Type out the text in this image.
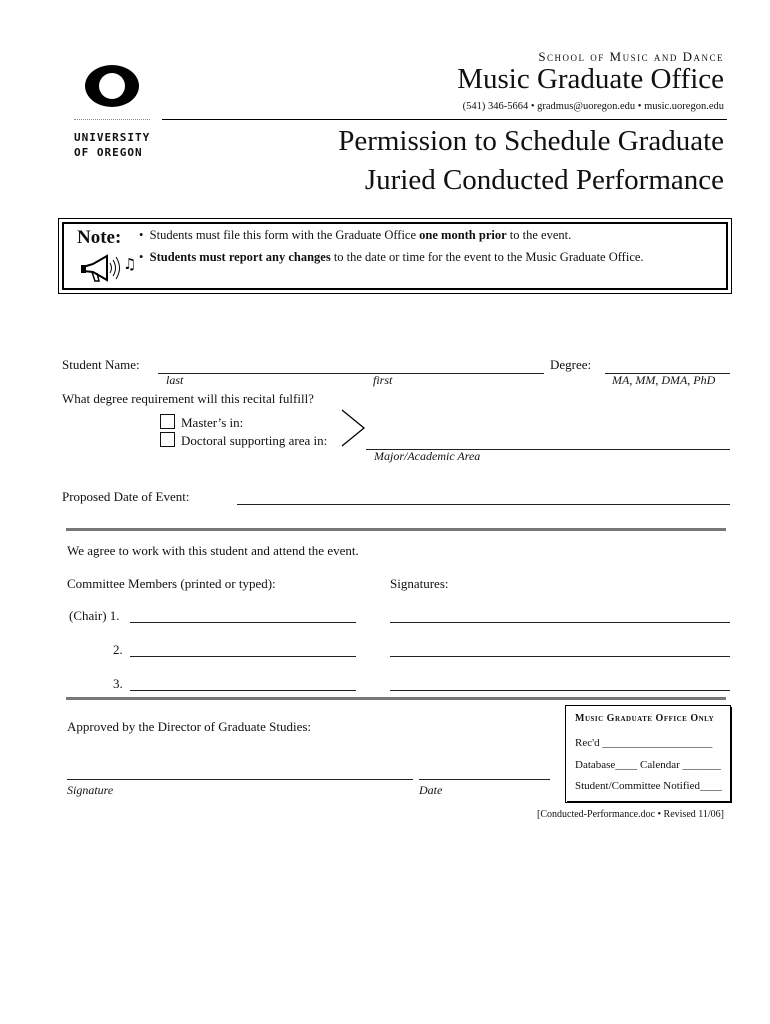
UNIVERSITY
OF OREGON
School of Music and Dance
Music Graduate Office
(541) 346-5664 • gradmus@uoregon.edu • music.uoregon.edu
Permission to Schedule Graduate
Juried Conducted Performance
Note:
♫
•  Students must file this form with the Graduate Office one month prior to the event.
•  Students must report any changes to the date or time for the event to the Music Graduate Office.
Student Name:
last	first
Degree:
MA, MM, DMA, PhD
What degree requirement will this recital fulfill?
Master’s in:
Doctoral supporting area in:
Major/Academic Area
Proposed Date of Event:
We agree to work with this student and attend the event.
Committee Members (printed or typed):	Signatures:
(Chair) 1.
2.
3.
Approved by the Director of Graduate Studies:
Signature	Date
Music Graduate Office Only
Rec'd ____________________
Database____ Calendar _______
Student/Committee Notified____
[Conducted-Performance.doc • Revised 11/06]
